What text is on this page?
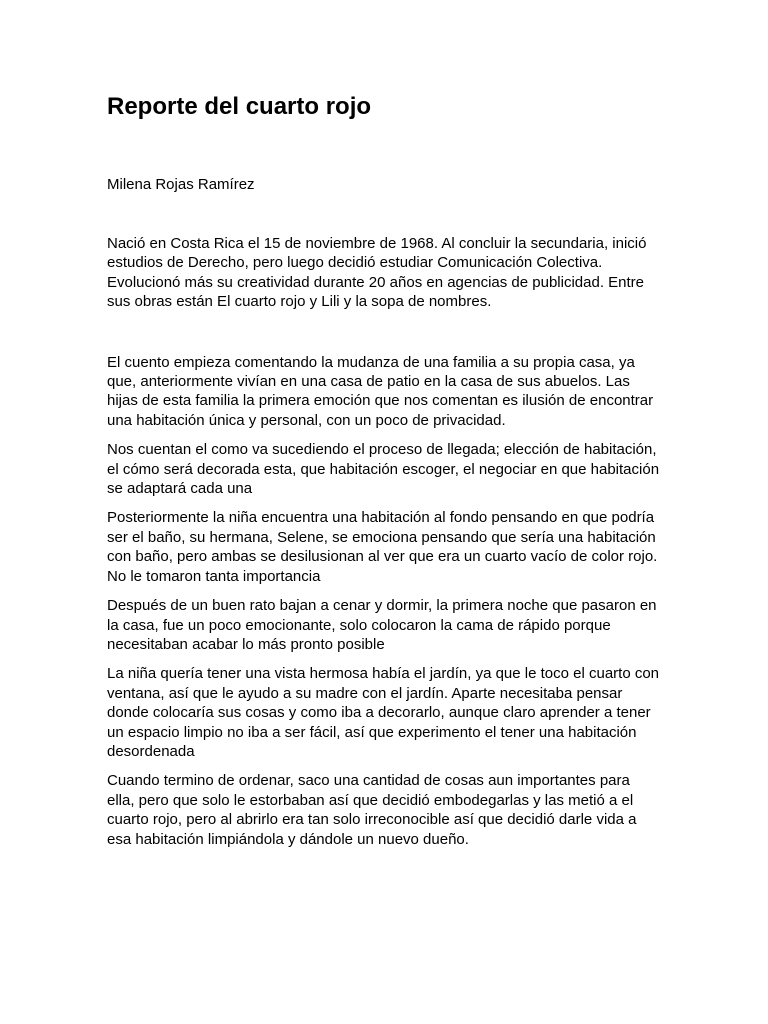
Reporte del cuarto rojo
Milena Rojas Ramírez

Nació en Costa Rica el 15 de noviembre de 1968. Al concluir la secundaria, inició
estudios de Derecho, pero luego decidió estudiar Comunicación Colectiva.
Evolucionó más su creatividad durante 20 años en agencias de publicidad. Entre
sus obras están El cuarto rojo y Lili y la sopa de nombres.

El cuento empieza comentando la mudanza de una familia a su propia casa, ya
que, anteriormente vivían en una casa de patio en la casa de sus abuelos. Las
hijas de esta familia la primera emoción que nos comentan es ilusión de encontrar
una habitación única y personal, con un poco de privacidad.

Nos cuentan el como va sucediendo el proceso de llegada; elección de habitación,
el cómo será decorada esta, que habitación escoger, el negociar en que habitación
se adaptará cada una

Posteriormente la niña encuentra una habitación al fondo pensando en que podría
ser el baño, su hermana, Selene, se emociona pensando que sería una habitación
con baño, pero ambas se desilusionan al ver que era un cuarto vacío de color rojo.
No le tomaron tanta importancia

Después de un buen rato bajan a cenar y dormir, la primera noche que pasaron en
la casa, fue un poco emocionante, solo colocaron la cama de rápido porque
necesitaban acabar lo más pronto posible

La niña quería tener una vista hermosa había el jardín, ya que le toco el cuarto con
ventana, así que le ayudo a su madre con el jardín. Aparte necesitaba pensar
donde colocaría sus cosas y como iba a decorarlo, aunque claro aprender a tener
un espacio limpio no iba a ser fácil, así que experimento el tener una habitación
desordenada

Cuando termino de ordenar, saco una cantidad de cosas aun importantes para
ella, pero que solo le estorbaban así que decidió embodegarlas y las metió a el
cuarto rojo, pero al abrirlo era tan solo irreconocible así que decidió darle vida a
esa habitación limpiándola y dándole un nuevo dueño.
